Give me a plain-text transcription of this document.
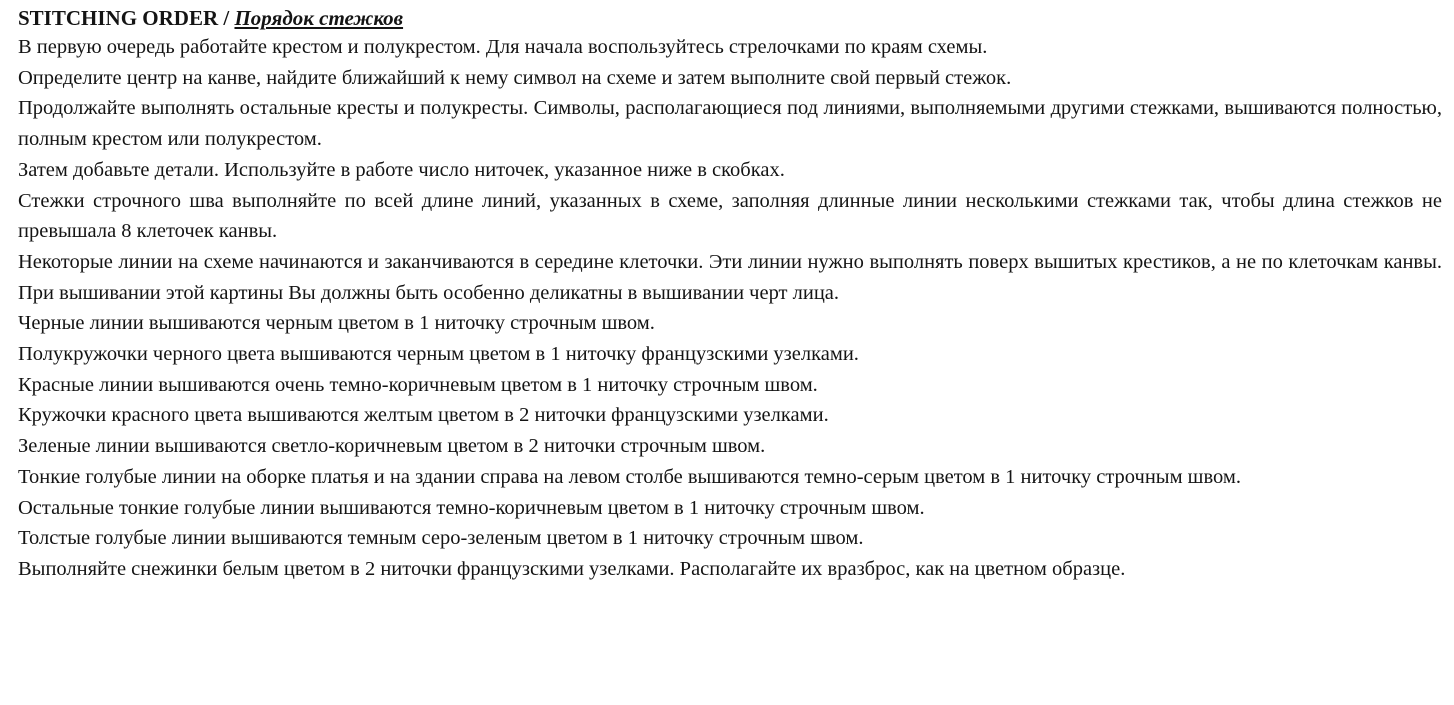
STITCHING ORDER / Порядок стежков

В первую очередь работайте крестом и полукрестом. Для начала воспользуйтесь стрелочками по краям схемы.

Определите центр на канве, найдите ближайший к нему символ на схеме и затем выполните свой первый стежок.

Продолжайте выполнять остальные кресты и полукресты. Символы, располагающиеся под линиями, выполняемыми другими стежками, вышиваются полностью, полным крестом или полукрестом.

Затем добавьте детали. Используйте в работе число ниточек, указанное ниже в скобках.

Стежки строчного шва выполняйте по всей длине линий, указанных в схеме, заполняя длинные линии несколькими стежками так, чтобы длина стежков не превышала 8 клеточек канвы.

Некоторые линии на схеме начинаются и заканчиваются в середине клеточки. Эти линии нужно выполнять поверх вышитых крестиков, а не по клеточкам канвы. При вышивании этой картины Вы должны быть особенно деликатны в вышивании черт лица.

Черные линии вышиваются черным цветом в 1 ниточку строчным швом.

Полукружочки черного цвета вышиваются черным цветом в 1 ниточку французскими узелками.

Красные линии вышиваются очень темно-коричневым цветом в 1 ниточку строчным швом.

Кружочки красного цвета вышиваются желтым цветом в 2 ниточки французскими узелками.

Зеленые линии вышиваются светло-коричневым цветом в 2 ниточки строчным швом.

Тонкие голубые линии на оборке платья и на здании справа на левом столбе вышиваются темно-серым цветом в 1 ниточку строчным швом.

Остальные тонкие голубые линии вышиваются темно-коричневым цветом в 1 ниточку строчным швом.

Толстые голубые линии вышиваются темным серо-зеленым цветом в 1 ниточку строчным швом.

Выполняйте снежинки белым цветом в 2 ниточки французскими узелками. Располагайте их вразброс, как на цветном образце.
